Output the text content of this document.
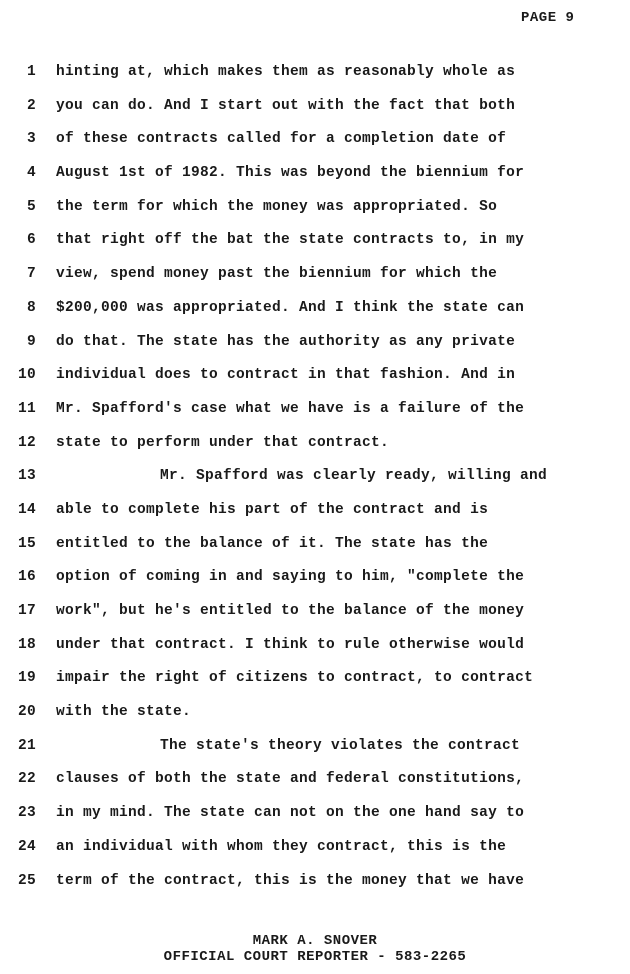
PAGE 9
1 hinting at, which makes them as reasonably whole as
2 you can do. And I start out with the fact that both
3 of these contracts called for a completion date of
4 August 1st of 1982. This was beyond the biennium for
5 the term for which the money was appropriated. So
6 that right off the bat the state contracts to, in my
7 view, spend money past the biennium for which the
8 $200,000 was appropriated. And I think the state can
9 do that. The state has the authority as any private
10 individual does to contract in that fashion. And in
11 Mr. Spafford's case what we have is a failure of the
12 state to perform under that contract.
13	Mr. Spafford was clearly ready, willing and
14 able to complete his part of the contract and is
15 entitled to the balance of it. The state has the
16 option of coming in and saying to him, "complete the
17 work", but he's entitled to the balance of the money
18 under that contract. I think to rule otherwise would
19 impair the right of citizens to contract, to contract
20 with the state.
21	The state's theory violates the contract
22 clauses of both the state and federal constitutions,
23 in my mind. The state can not on the one hand say to
24 an individual with whom they contract, this is the
25 term of the contract, this is the money that we have
MARK A. SNOVER
OFFICIAL COURT REPORTER - 583-2265
